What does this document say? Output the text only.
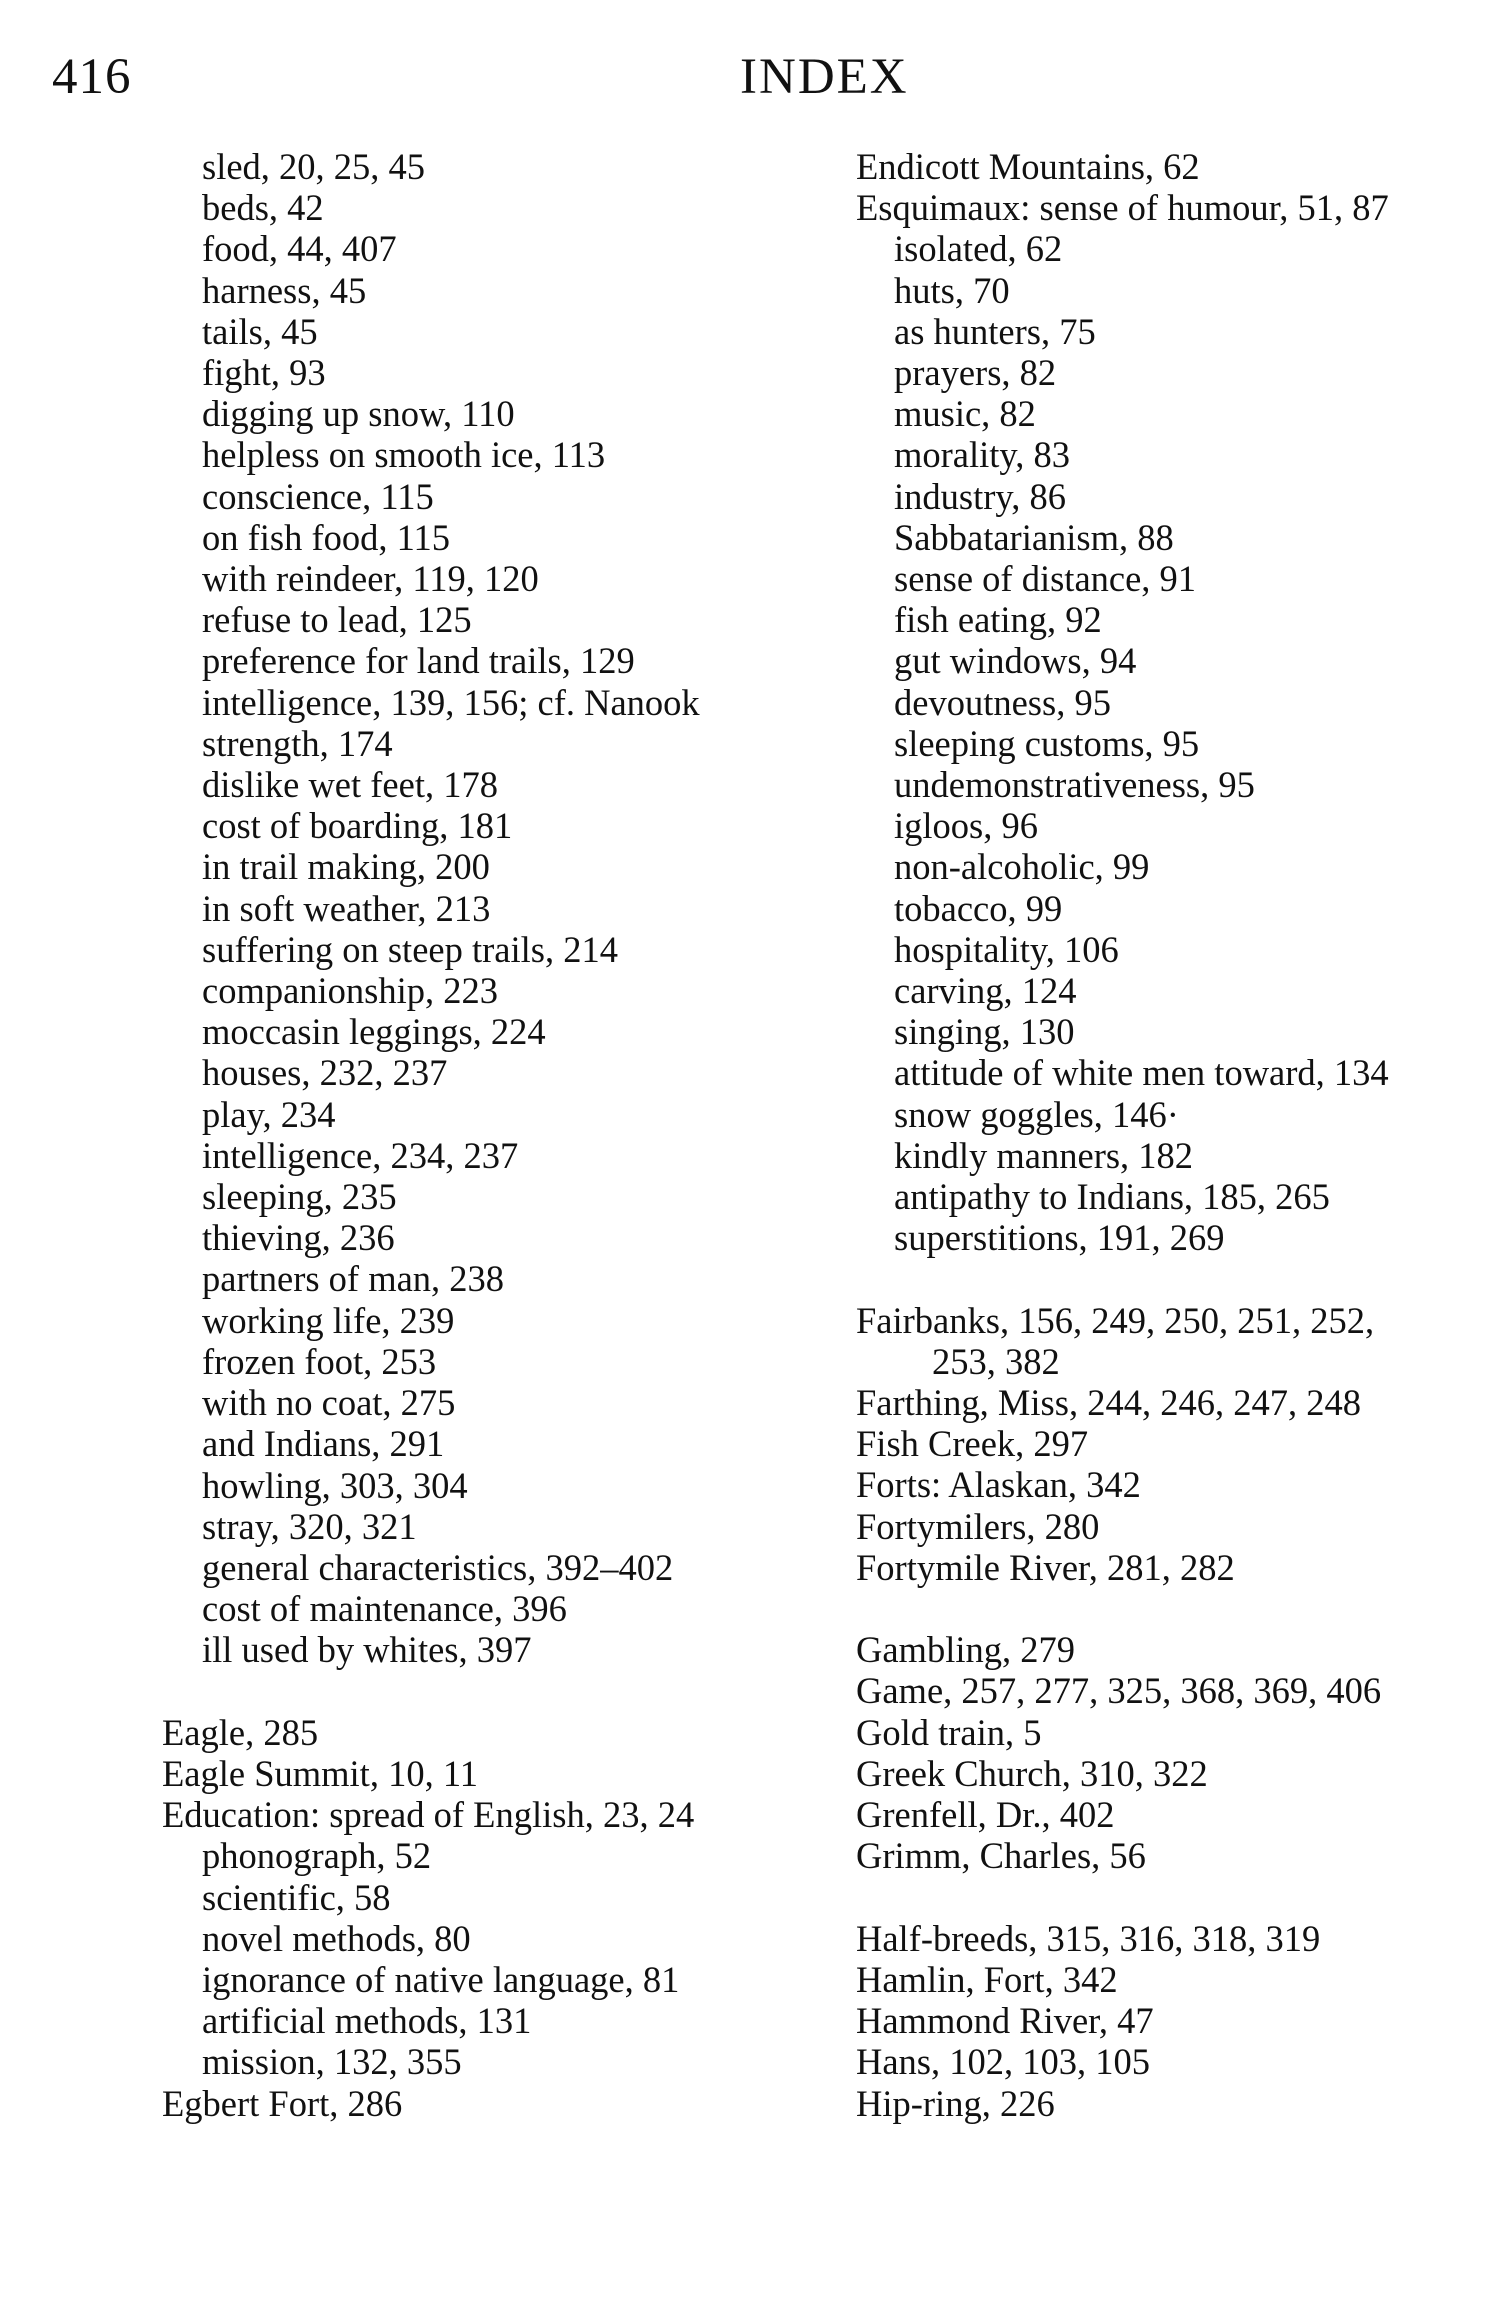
416	INDEX
sled, 20, 25, 45
beds, 42
food, 44, 407
harness, 45
tails, 45
fight, 93
digging up snow, 110
helpless on smooth ice, 113
conscience, 115
on fish food, 115
with reindeer, 119, 120
refuse to lead, 125
preference for land trails, 129
intelligence, 139, 156; cf. Nanook
strength, 174
dislike wet feet, 178
cost of boarding, 181
in trail making, 200
in soft weather, 213
suffering on steep trails, 214
companionship, 223
moccasin leggings, 224
houses, 232, 237
play, 234
intelligence, 234, 237
sleeping, 235
thieving, 236
partners of man, 238
working life, 239
frozen foot, 253
with no coat, 275
and Indians, 291
howling, 303, 304
stray, 320, 321
general characteristics, 392–402
cost of maintenance, 396
ill used by whites, 397
Eagle, 285
Eagle Summit, 10, 11
Education: spread of English, 23, 24
phonograph, 52
scientific, 58
novel methods, 80
ignorance of native language, 81
artificial methods, 131
mission, 132, 355
Egbert Fort, 286
Endicott Mountains, 62
Esquimaux: sense of humour, 51, 87
isolated, 62
huts, 70
as hunters, 75
prayers, 82
music, 82
morality, 83
industry, 86
Sabbatarianism, 88
sense of distance, 91
fish eating, 92
gut windows, 94
devoutness, 95
sleeping customs, 95
undemonstrativeness, 95
igloos, 96
non-alcoholic, 99
tobacco, 99
hospitality, 106
carving, 124
singing, 130
attitude of white men toward, 134
snow goggles, 146·
kindly manners, 182
antipathy to Indians, 185, 265
superstitions, 191, 269
Fairbanks, 156, 249, 250, 251, 252,
253, 382
Farthing, Miss, 244, 246, 247, 248
Fish Creek, 297
Forts: Alaskan, 342
Fortymilers, 280
Fortymile River, 281, 282
Gambling, 279
Game, 257, 277, 325, 368, 369, 406
Gold train, 5
Greek Church, 310, 322
Grenfell, Dr., 402
Grimm, Charles, 56
Half-breeds, 315, 316, 318, 319
Hamlin, Fort, 342
Hammond River, 47
Hans, 102, 103, 105
Hip-ring, 226
